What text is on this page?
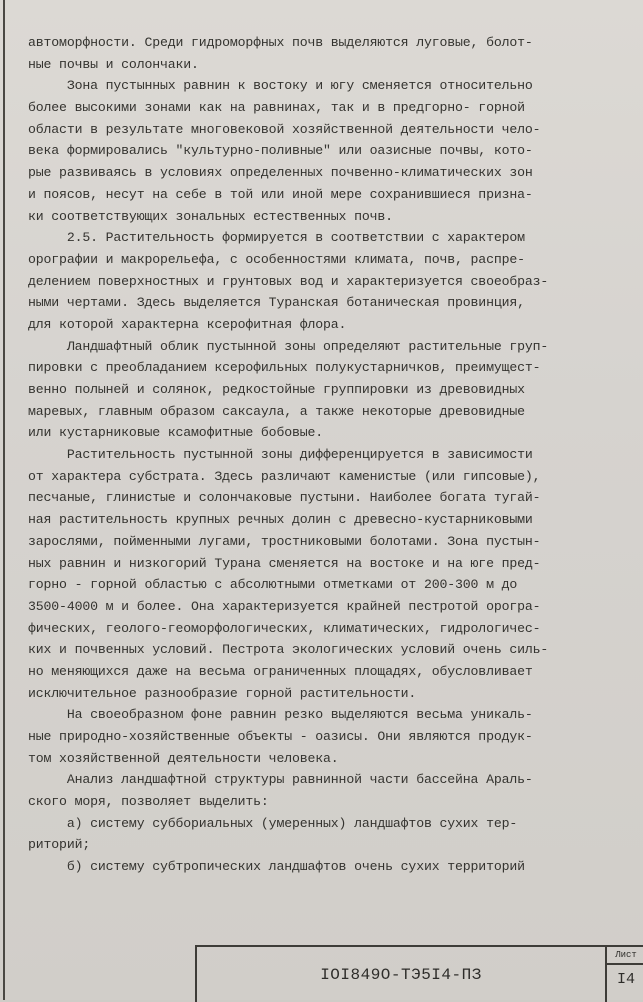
автоморфности. Среди гидроморфных почв выделяются луговые, болот-
ные почвы и солончаки.
Зона пустынных равнин к востоку и югу сменяется относительно
более высокими зонами как на равнинах, так и в предгорно- горной
области в результате многовековой хозяйственной деятельности чело-
века формировались "культурно-поливные" или оазисные почвы, кото-
рые развиваясь в условиях определенных почвенно-климатических зон
и поясов, несут на себе в той или иной мере сохранившиеся призна-
ки соответствующих зональных естественных почв.
2.5. Растительность формируется в соответствии с характером
орографии и макрорельефа, с особенностями климата, почв, распре-
делением поверхностных и грунтовых вод и характеризуется своеобраз-
ными чертами. Здесь выделяется Туранская ботаническая провинция,
для которой характерна ксерофитная флора.
Ландшафтный облик пустынной зоны определяют растительные груп-
пировки с преобладанием ксерофильных полукустарничков, преимущест-
венно полыней и солянок, редкостойные группировки из древовидных
маревых, главным образом саксаула, а также некоторые древовидные
или кустарниковые ксамофитные бобовые.
Растительность пустынной зоны дифференцируется в зависимости
от характера субстрата. Здесь различают каменистые (или гипсовые),
песчаные, глинистые и солончаковые пустыни. Наиболее богата тугай-
ная растительность крупных речных долин с древесно-кустарниковыми
зарослями, пойменными лугами, тростниковыми болотами. Зона пустын-
ных равнин и низкогорий Турана сменяется на востоке и на юге пред-
горно - горной областью с абсолютными отметками от 200-300 м до
3500-4000 м и более. Она характеризуется крайней пестротой орогра-
фических, геолого-геоморфологических, климатических, гидрологичес-
ких и почвенных условий. Пестрота экологических условий очень силь-
но меняющихся даже на весьма ограниченных площадях, обусловливает
исключительное разнообразие горной растительности.
На своеобразном фоне равнин резко выделяются весьма уникаль-
ные природно-хозяйственные объекты - оазисы. Они являются продук-
том хозяйственной деятельности человека.
Анализ ландшафтной структуры равнинной части бассейна Араль-
ского моря, позволяет выделить:
а) систему суббориальных (умеренных) ландшафтов сухих тер-
риторий;
б) систему субтропических ландшафтов очень сухих территорий
IOI849O-ТЭ5I4-ПЗ
Лист
I4
